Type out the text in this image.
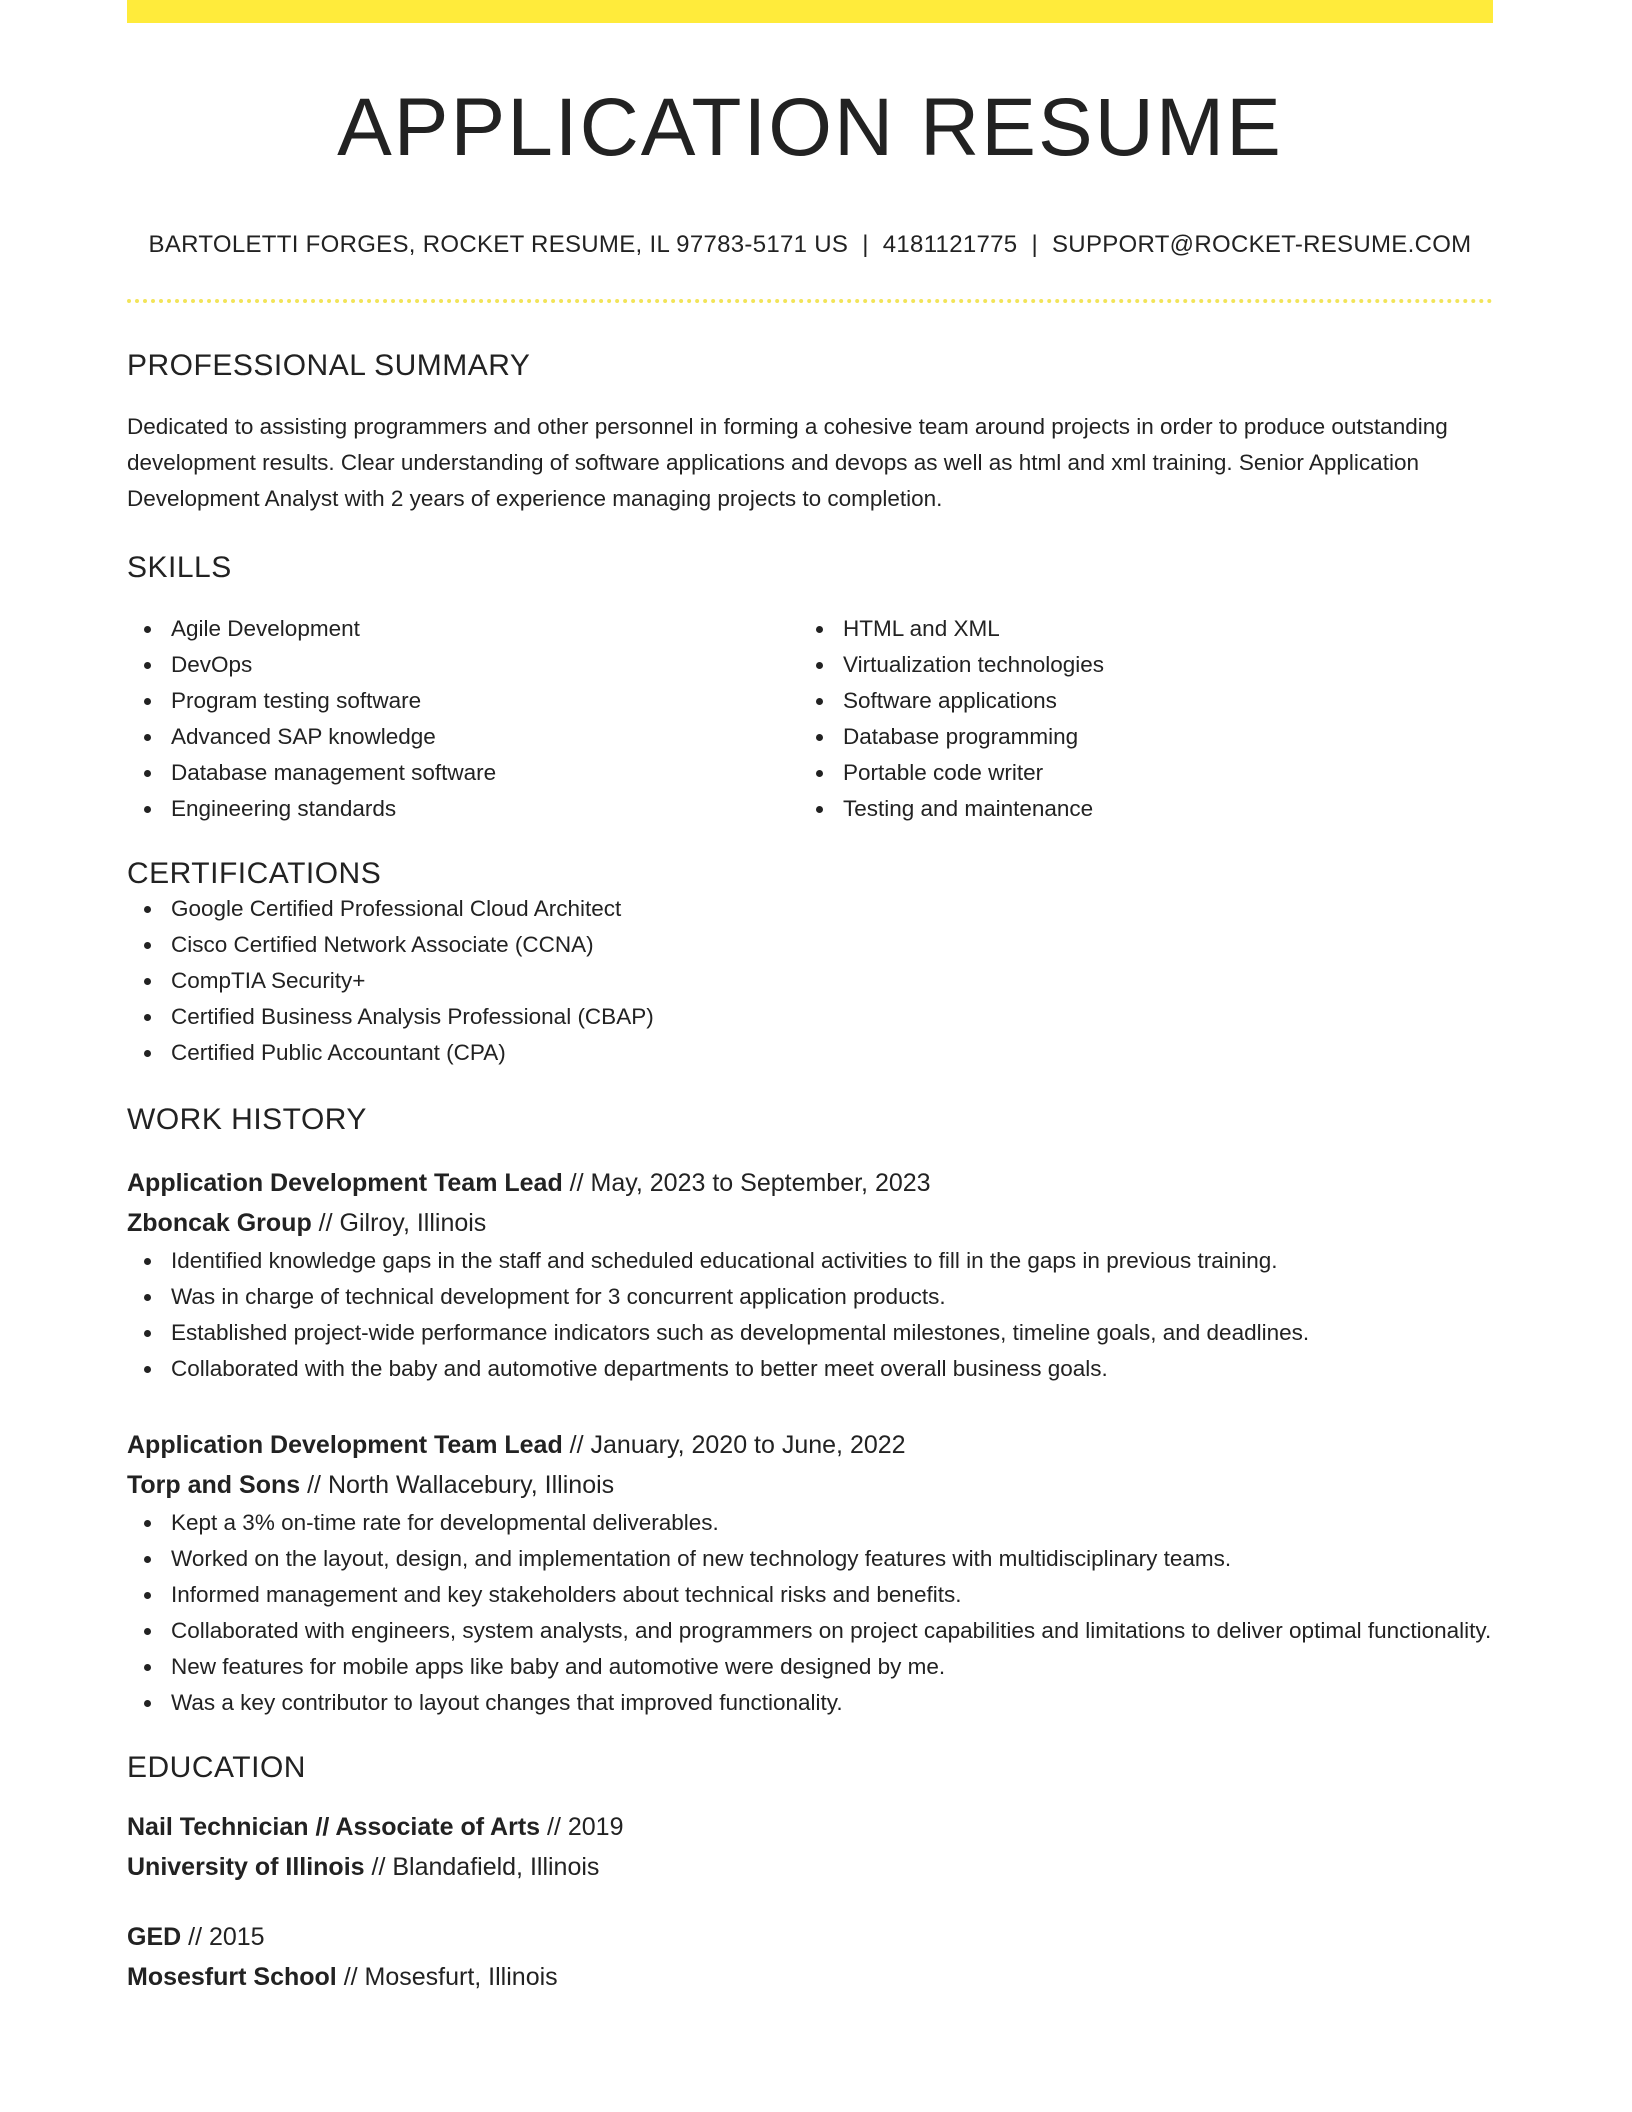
APPLICATION RESUME
BARTOLETTI FORGES, ROCKET RESUME, IL 97783-5171 US | 4181121775 | SUPPORT@ROCKET-RESUME.COM
PROFESSIONAL SUMMARY
Dedicated to assisting programmers and other personnel in forming a cohesive team around projects in order to produce outstanding development results. Clear understanding of software applications and devops as well as html and xml training. Senior Application Development Analyst with 2 years of experience managing projects to completion.
SKILLS
Agile Development
DevOps
Program testing software
Advanced SAP knowledge
Database management software
Engineering standards
HTML and XML
Virtualization technologies
Software applications
Database programming
Portable code writer
Testing and maintenance
CERTIFICATIONS
Google Certified Professional Cloud Architect
Cisco Certified Network Associate (CCNA)
CompTIA Security+
Certified Business Analysis Professional (CBAP)
Certified Public Accountant (CPA)
WORK HISTORY
Application Development Team Lead // May, 2023 to September, 2023
Zboncak Group // Gilroy, Illinois
Identified knowledge gaps in the staff and scheduled educational activities to fill in the gaps in previous training.
Was in charge of technical development for 3 concurrent application products.
Established project-wide performance indicators such as developmental milestones, timeline goals, and deadlines.
Collaborated with the baby and automotive departments to better meet overall business goals.
Application Development Team Lead // January, 2020 to June, 2022
Torp and Sons // North Wallacebury, Illinois
Kept a 3% on-time rate for developmental deliverables.
Worked on the layout, design, and implementation of new technology features with multidisciplinary teams.
Informed management and key stakeholders about technical risks and benefits.
Collaborated with engineers, system analysts, and programmers on project capabilities and limitations to deliver optimal functionality.
New features for mobile apps like baby and automotive were designed by me.
Was a key contributor to layout changes that improved functionality.
EDUCATION
Nail Technician // Associate of Arts // 2019
University of Illinois // Blandafield, Illinois
GED // 2015
Mosesfurt School // Mosesfurt, Illinois
